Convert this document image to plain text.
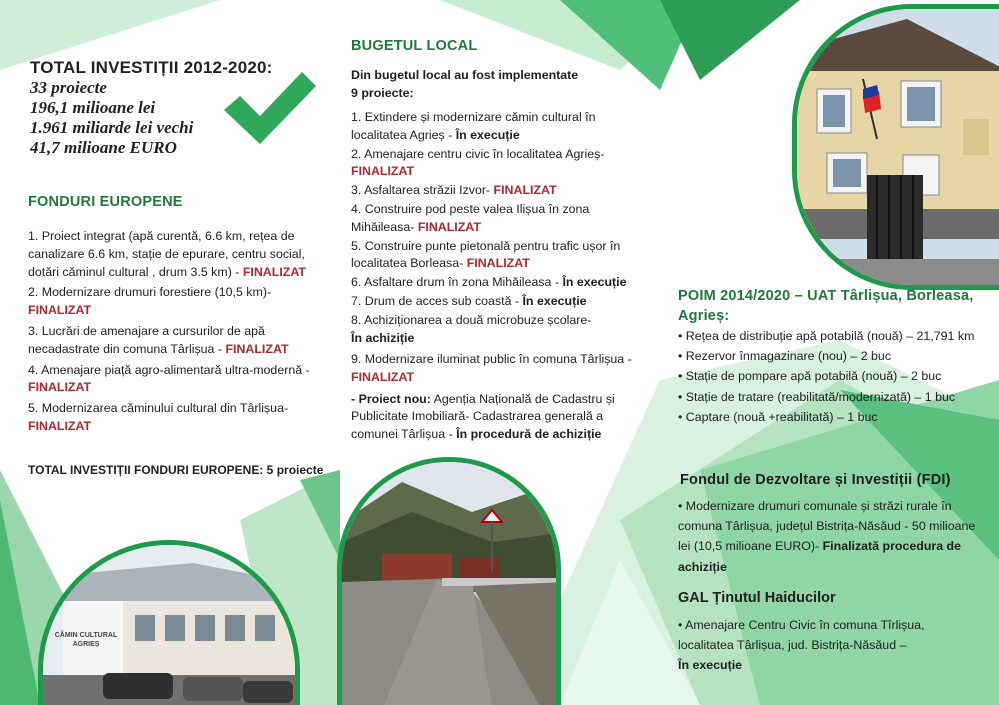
CĂMIN CULTURAL
AGRIEȘ
TOTAL INVESTIȚII 2012-2020:
33 proiecte
196,1 milioane lei
1.961 miliarde lei vechi
41,7 milioane EURO
FONDURI EUROPENE
1. Proiect integrat (apă curentă, 6.6 km, rețea de canalizare 6.6 km, stație de epurare, centru social, dotări căminul cultural , drum 3.5 km) - FINALIZAT
2. Modernizare drumuri forestiere (10,5 km)-
FINALIZAT
3. Lucrări de amenajare a cursurilor de apă necadastrate din comuna Târlișua - FINALIZAT
4. Amenajare piață agro-alimentară ultra-modernă - FINALIZAT
5. Modernizarea căminului cultural din Târlișua-
FINALIZAT
TOTAL INVESTIȚII FONDURI EUROPENE: 5 proiecte
BUGETUL LOCAL
Din bugetul local au fost implementate
9 proiecte:
1. Extindere și modernizare cămin cultural în localitatea Agrieș - În execuție
2. Amenajare centru civic în localitatea Agrieș-
FINALIZAT
3. Asfaltarea străzii Izvor- FINALIZAT
4. Construire pod peste valea Ilișua în zona Mihăileasa- FINALIZAT
5. Construire punte pietonală pentru trafic ușor în localitatea Borleasa- FINALIZAT
6. Asfaltare drum în zona Mihăileasa - În execuție
7. Drum de acces sub coastă - În execuție
8. Achiziționarea a două microbuze școlare-
În achiziție
9. Modernizare iluminat public în comuna Târlișua - FINALIZAT
- Proiect nou: Agenția Națională de Cadastru și Publicitate Imobiliară- Cadastrarea generală a comunei Târlișua - În procedură de achiziție
POIM 2014/2020 – UAT Târlișua, Borleasa, Agrieș:
• Rețea de distribuție apă potabilă (nouă) – 21,791 km
• Rezervor înmagazinare (nou) – 2 buc
• Stație de pompare apă potabilă (nouă) – 2 buc
• Stație de tratare (reabilitată/modernizată) – 1 buc
• Captare (nouă +reabilitată) – 1 buc
Fondul de Dezvoltare și Investiții (FDI)
• Modernizare drumuri comunale și străzi rurale în comuna Târlișua, județul Bistrița-Năsăud - 50 milioane lei (10,5 milioane EURO)- Finalizată procedura de achiziție
GAL Ținutul Haiducilor
• Amenajare Centru Civic în comuna Tîrlișua, localitatea Târlișua, jud. Bistrița-Năsăud –
În execuție
